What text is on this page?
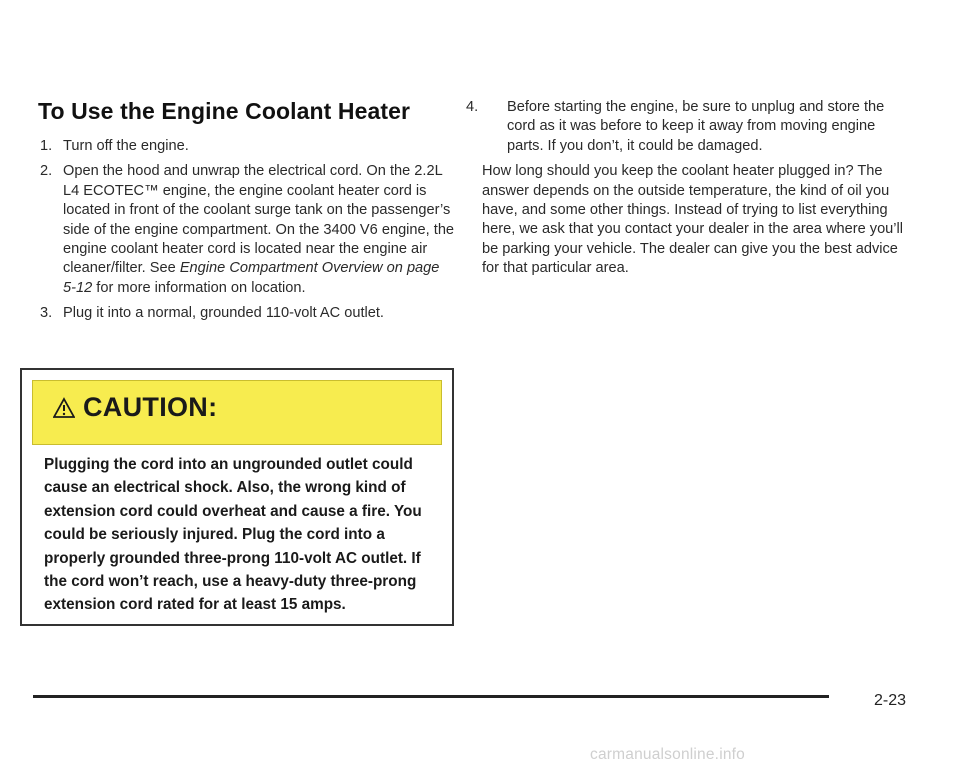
To Use the Engine Coolant Heater
1. Turn off the engine.
2. Open the hood and unwrap the electrical cord. On the 2.2L L4 ECOTEC™ engine, the engine coolant heater cord is located in front of the coolant surge tank on the passenger’s side of the engine compartment. On the 3400 V6 engine, the engine coolant heater cord is located near the engine air cleaner/filter. See Engine Compartment Overview on page 5-12 for more information on location.
3. Plug it into a normal, grounded 110-volt AC outlet.
CAUTION:
Plugging the cord into an ungrounded outlet could cause an electrical shock. Also, the wrong kind of extension cord could overheat and cause a fire. You could be seriously injured. Plug the cord into a properly grounded three-prong 110-volt AC outlet. If the cord won’t reach, use a heavy-duty three-prong extension cord rated for at least 15 amps.
4. Before starting the engine, be sure to unplug and store the cord as it was before to keep it away from moving engine parts. If you don’t, it could be damaged.

How long should you keep the coolant heater plugged in? The answer depends on the outside temperature, the kind of oil you have, and some other things. Instead of trying to list everything here, we ask that you contact your dealer in the area where you’ll be parking your vehicle. The dealer can give you the best advice for that particular area.

2-23
carmanualsonline.info
